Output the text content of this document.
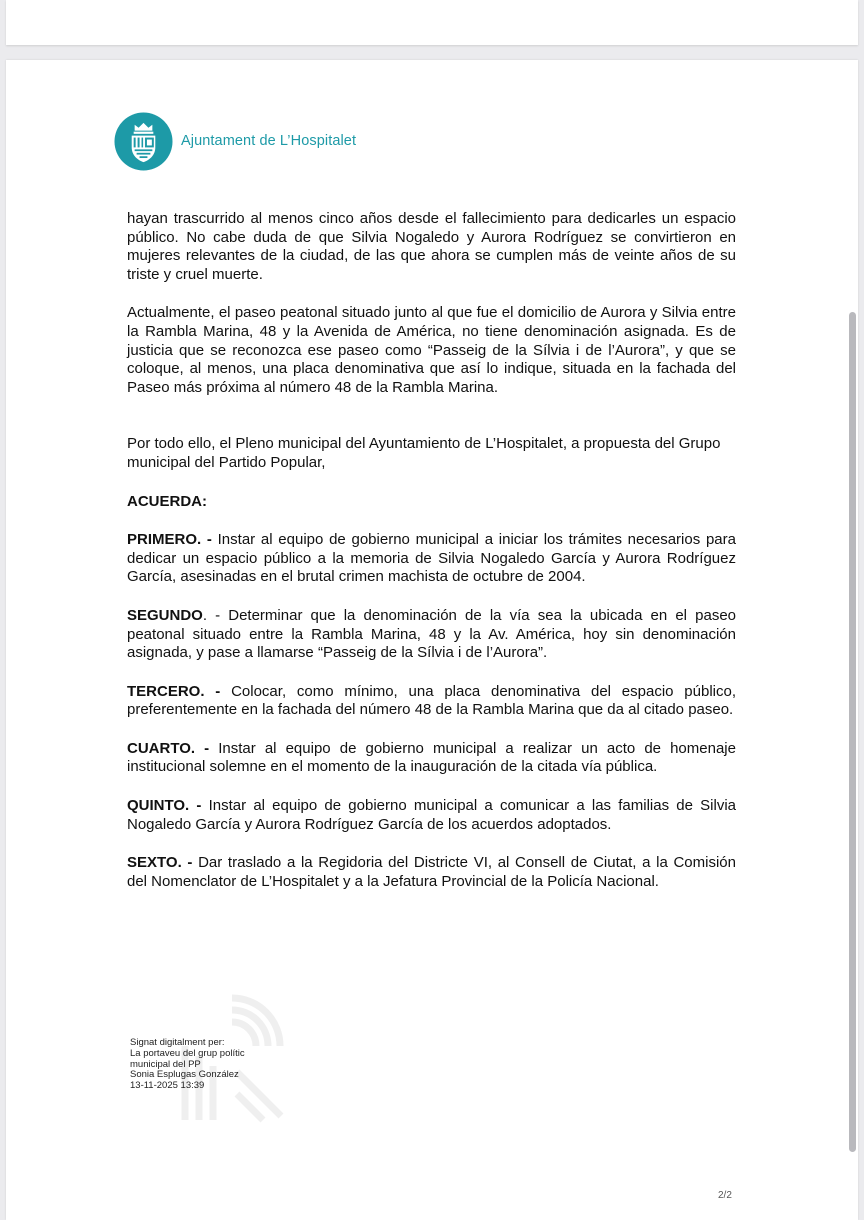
Ajuntament de L’Hospitalet

hayan trascurrido al menos cinco años desde el fallecimiento para dedicarles un espacio público. No cabe duda de que Silvia Nogaledo y Aurora Rodríguez se convirtieron en mujeres relevantes de la ciudad, de las que ahora se cumplen más de veinte años de su triste y cruel muerte.

Actualmente, el paseo peatonal situado junto al que fue el domicilio de Aurora y Silvia entre la Rambla Marina, 48 y la Avenida de América, no tiene denominación asignada. Es de justicia que se reconozca ese paseo como “Passeig de la Sílvia i de l’Aurora”, y que se coloque, al menos, una placa denominativa que así lo indique, situada en la fachada del Paseo más próxima al número 48 de la Rambla Marina.

Por todo ello, el Pleno municipal del Ayuntamiento de L’Hospitalet, a propuesta del Grupo municipal del Partido Popular,

ACUERDA:

PRIMERO. - Instar al equipo de gobierno municipal a iniciar los trámites necesarios para dedicar un espacio público a la memoria de Silvia Nogaledo García y Aurora Rodríguez García, asesinadas en el brutal crimen machista de octubre de 2004.

SEGUNDO. - Determinar que la denominación de la vía sea la ubicada en el paseo peatonal situado entre la Rambla Marina, 48 y la Av. América, hoy sin denominación asignada, y pase a llamarse “Passeig de la Sílvia i de l’Aurora”.

TERCERO. - Colocar, como mínimo, una placa denominativa del espacio público, preferentemente en la fachada del número 48 de la Rambla Marina que da al citado paseo.

CUARTO. - Instar al equipo de gobierno municipal a realizar un acto de homenaje institucional solemne en el momento de la inauguración de la citada vía pública.

QUINTO. - Instar al equipo de gobierno municipal a comunicar a las familias de Silvia Nogaledo García y Aurora Rodríguez García de los acuerdos adoptados.

SEXTO. - Dar traslado a la Regidoria del Districte VI, al Consell de Ciutat, a la Comisión del Nomenclator de L’Hospitalet y a la Jefatura Provincial de la Policía Nacional.

Signat digitalment per:
La portaveu del grup polític
municipal del PP
Sonia Esplugas González
13-11-2025 13:39
2/2
